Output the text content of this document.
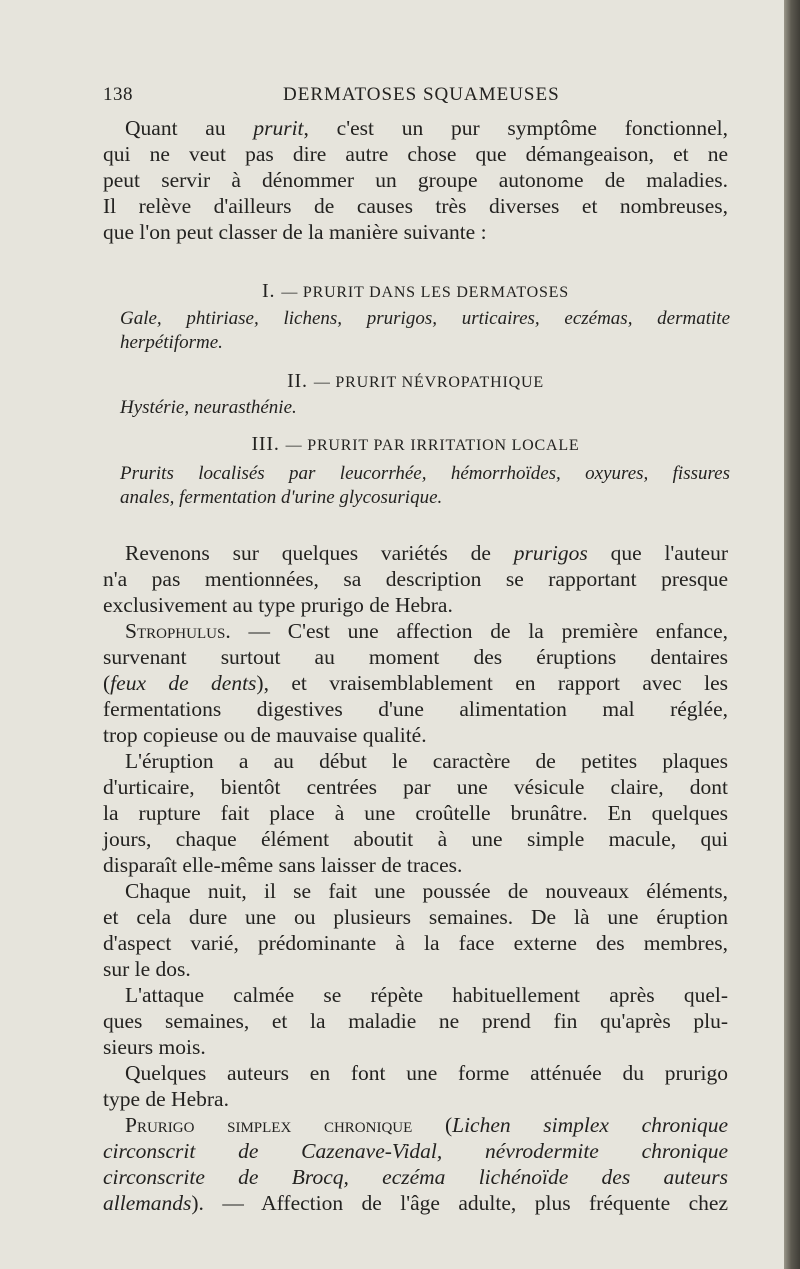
138	DERMATOSES SQUAMEUSES
Quant au prurit, c'est un pur symptôme fonctionnel,
qui ne veut pas dire autre chose que démangeaison, et ne
peut servir à dénommer un groupe autonome de maladies.
Il relève d'ailleurs de causes très diverses et nombreuses,
que l'on peut classer de la manière suivante :
I. — PRURIT DANS LES DERMATOSES
Gale, phtiriase, lichens, prurigos, urticaires, eczémas, dermatite
herpétiforme.
II. — PRURIT NÉVROPATHIQUE
Hystérie, neurasthénie.
III. — PRURIT PAR IRRITATION LOCALE
Prurits localisés par leucorrhée, hémorrhoïdes, oxyures, fissures
anales, fermentation d'urine glycosurique.
Revenons sur quelques variétés de prurigos que l'auteur
n'a pas mentionnées, sa description se rapportant presque
exclusivement au type prurigo de Hebra.
Strophulus. — C'est une affection de la première enfance,
survenant surtout au moment des éruptions dentaires
(feux de dents), et vraisemblablement en rapport avec les
fermentations digestives d'une alimentation mal réglée,
trop copieuse ou de mauvaise qualité.
L'éruption a au début le caractère de petites plaques
d'urticaire, bientôt centrées par une vésicule claire, dont
la rupture fait place à une croûtelle brunâtre. En quelques
jours, chaque élément aboutit à une simple macule, qui
disparaît elle-même sans laisser de traces.
Chaque nuit, il se fait une poussée de nouveaux éléments,
et cela dure une ou plusieurs semaines. De là une éruption
d'aspect varié, prédominante à la face externe des membres,
sur le dos.
L'attaque calmée se répète habituellement après quel-
ques semaines, et la maladie ne prend fin qu'après plu-
sieurs mois.
Quelques auteurs en font une forme atténuée du prurigo
type de Hebra.
Prurigo simplex chronique (Lichen simplex chronique
circonscrit de Cazenave-Vidal, névrodermite chronique
circonscrite de Brocq, eczéma lichénoïde des auteurs
allemands). — Affection de l'âge adulte, plus fréquente chez
